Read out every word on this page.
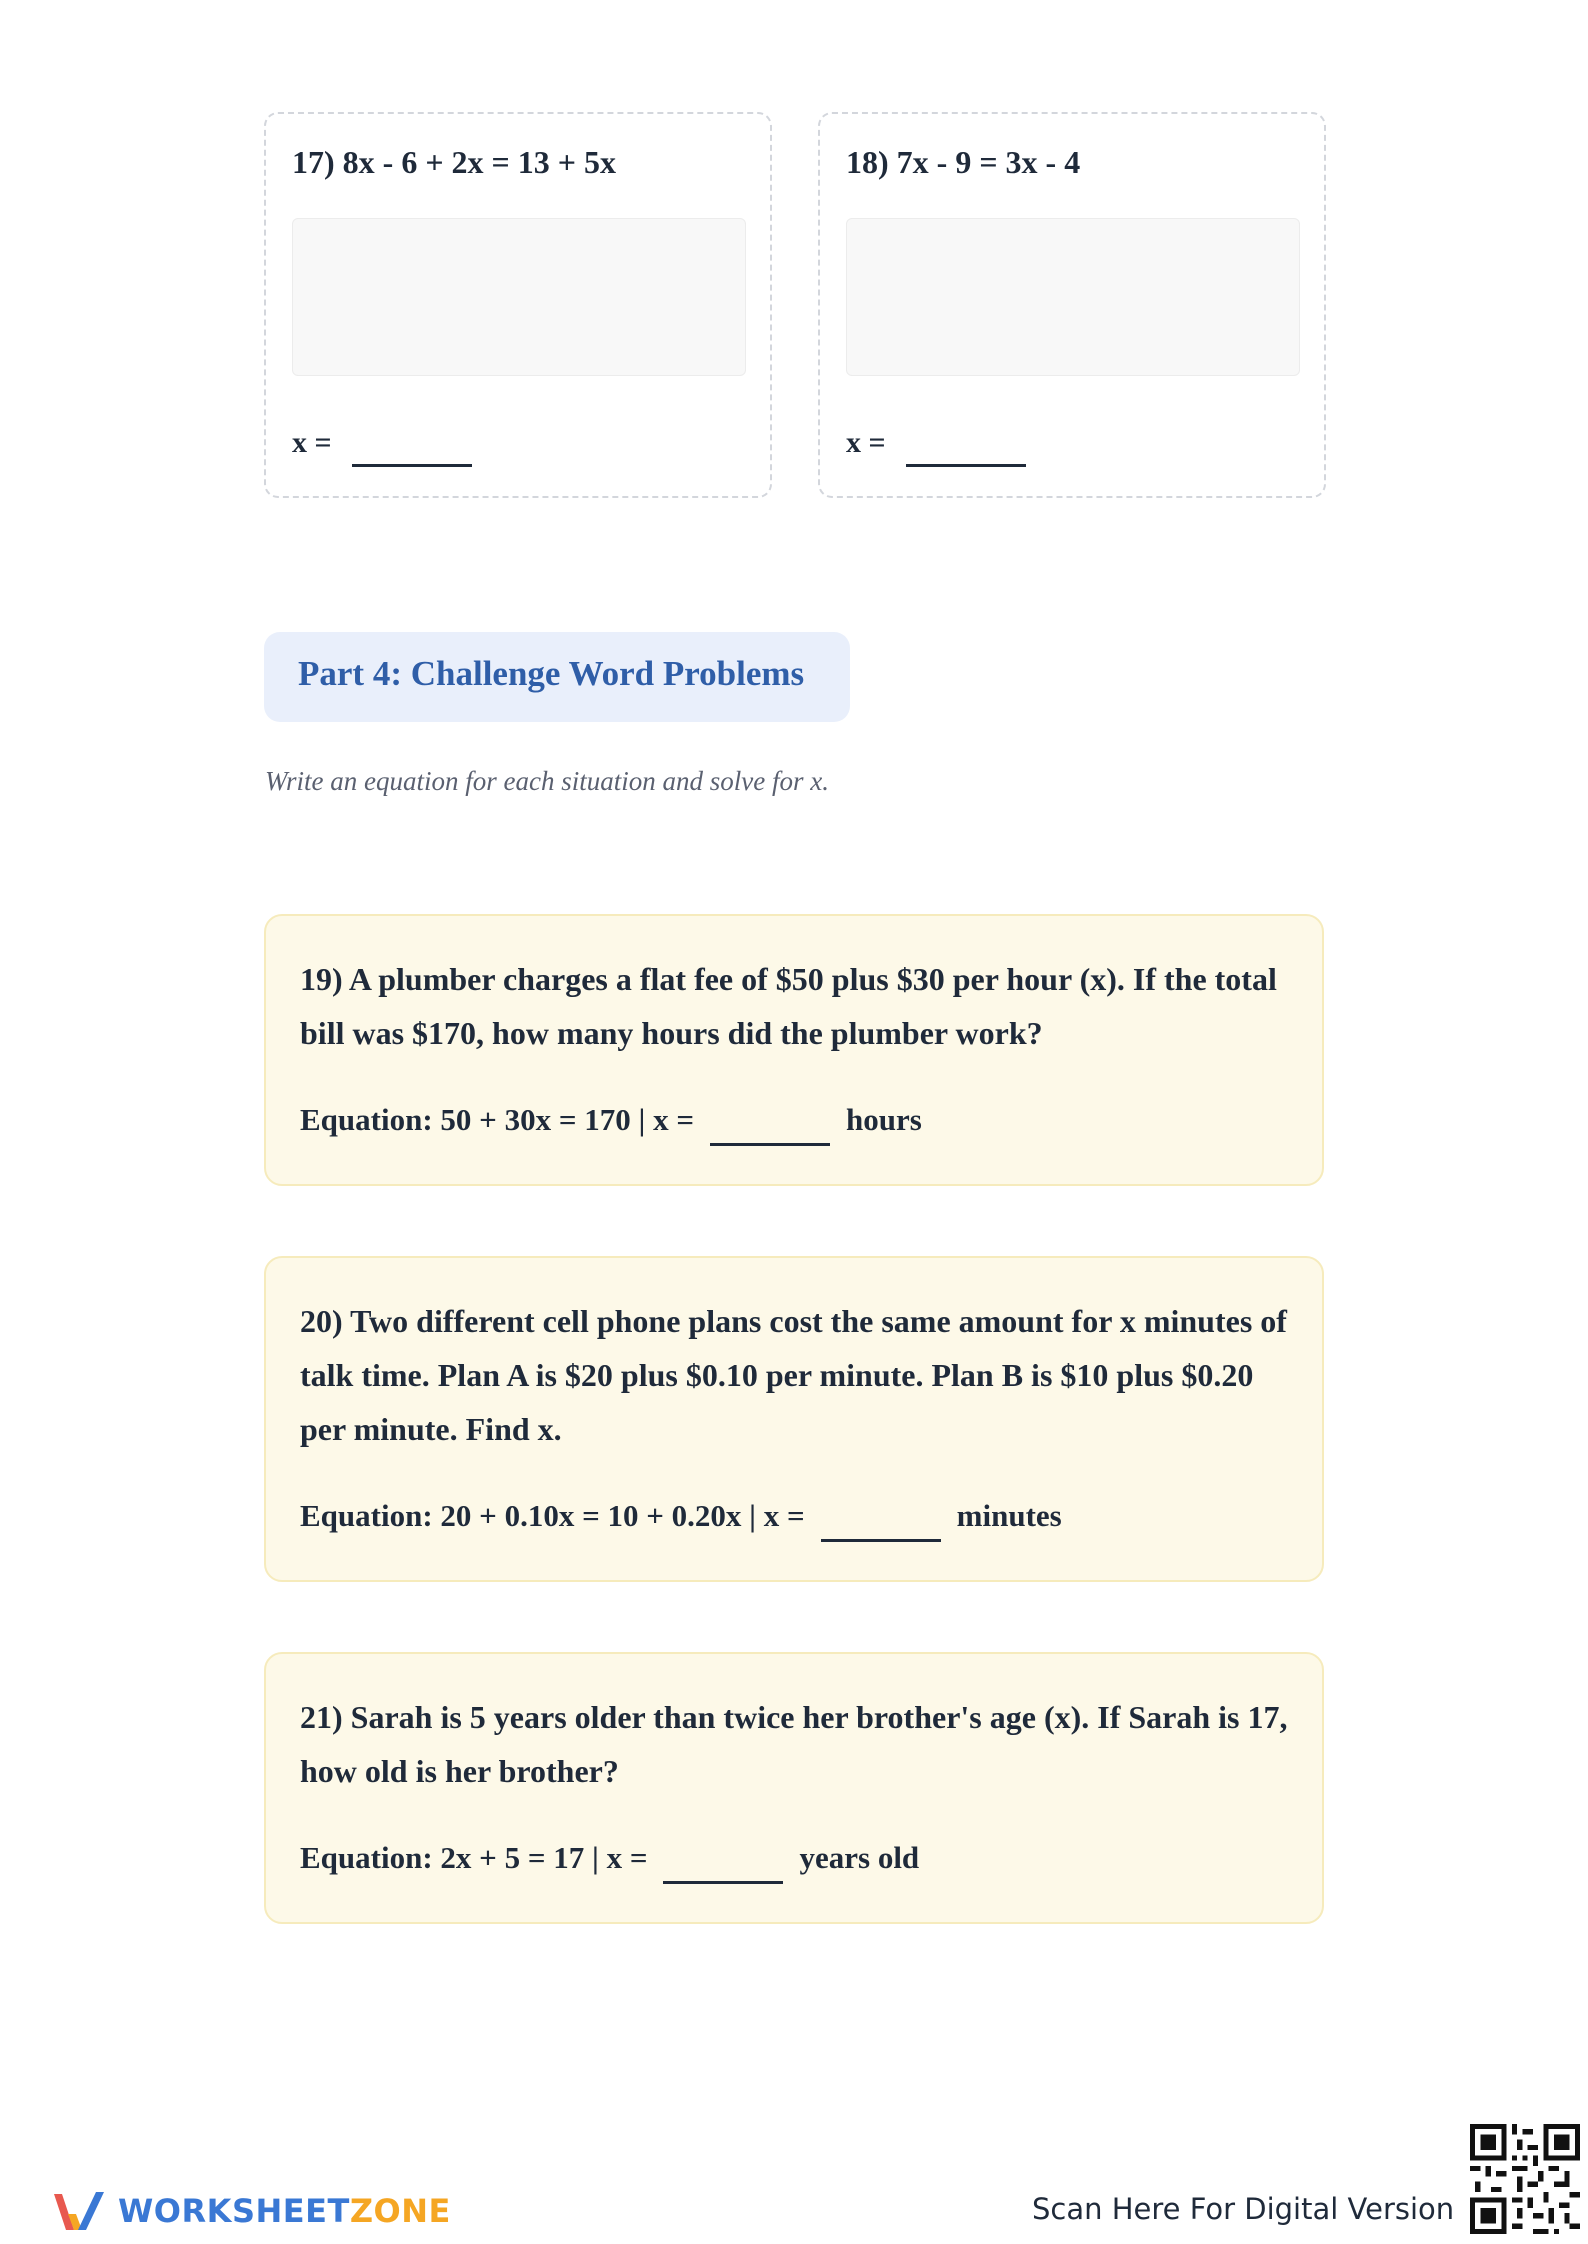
17) 8x - 6 + 2x = 13 + 5x
x =
18) 7x - 9 = 3x - 4
x =
Part 4: Challenge Word Problems
Write an equation for each situation and solve for x.
19) A plumber charges a flat fee of $50 plus $30 per hour (x). If the total bill was $170, how many hours did the plumber work?
Equation: 50 + 30x = 170 | x =	hours
20) Two different cell phone plans cost the same amount for x minutes of talk time. Plan A is $20 plus $0.10 per minute. Plan B is $10 plus $0.20 per minute. Find x.
Equation: 20 + 0.10x = 10 + 0.20x | x =	minutes
21) Sarah is 5 years older than twice her brother's age (x). If Sarah is 17, how old is her brother?
Equation: 2x + 5 = 17 | x =	years old
WORKSHEETZONE	Scan Here For Digital Version
